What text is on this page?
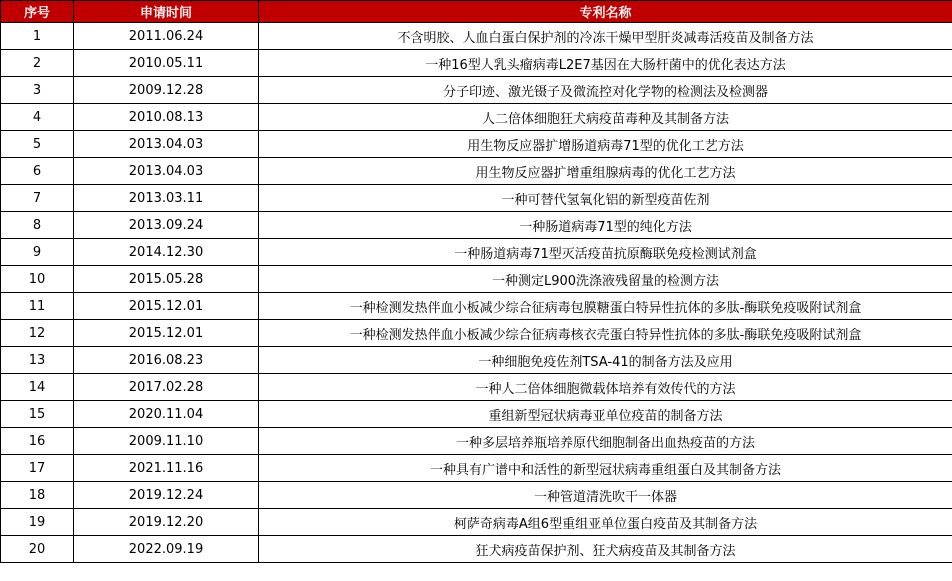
序号	申请时间	专利名称
1	2011.06.24	不含明胶、人血白蛋白保护剂的冷冻干燥甲型肝炎减毒活疫苗及制备方法
2	2010.05.11	一种16型人乳头瘤病毒L2E7基因在大肠杆菌中的优化表达方法
3	2009.12.28	分子印迹、激光镊子及微流控对化学物的检测法及检测器
4	2010.08.13	人二倍体细胞狂犬病疫苗毒种及其制备方法
5	2013.04.03	用生物反应器扩增肠道病毒71型的优化工艺方法
6	2013.04.03	用生物反应器扩增重组腺病毒的优化工艺方法
7	2013.03.11	一种可替代氢氧化铝的新型疫苗佐剂
8	2013.09.24	一种肠道病毒71型的纯化方法
9	2014.12.30	一种肠道病毒71型灭活疫苗抗原酶联免疫检测试剂盒
10	2015.05.28	一种测定L900洗涤液残留量的检测方法
11	2015.12.01	一种检测发热伴血小板减少综合征病毒包膜糖蛋白特异性抗体的多肽-酶联免疫吸附试剂盒
12	2015.12.01	一种检测发热伴血小板减少综合征病毒核衣壳蛋白特异性抗体的多肽-酶联免疫吸附试剂盒
13	2016.08.23	一种细胞免疫佐剂TSA-41的制备方法及应用
14	2017.02.28	一种人二倍体细胞微载体培养有效传代的方法
15	2020.11.04	重组新型冠状病毒亚单位疫苗的制备方法
16	2009.11.10	一种多层培养瓶培养原代细胞制备出血热疫苗的方法
17	2021.11.16	一种具有广谱中和活性的新型冠状病毒重组蛋白及其制备方法
18	2019.12.24	一种管道清洗吹干一体器
19	2019.12.20	柯萨奇病毒A组6型重组亚单位蛋白疫苗及其制备方法
20	2022.09.19	狂犬病疫苗保护剂、狂犬病疫苗及其制备方法
